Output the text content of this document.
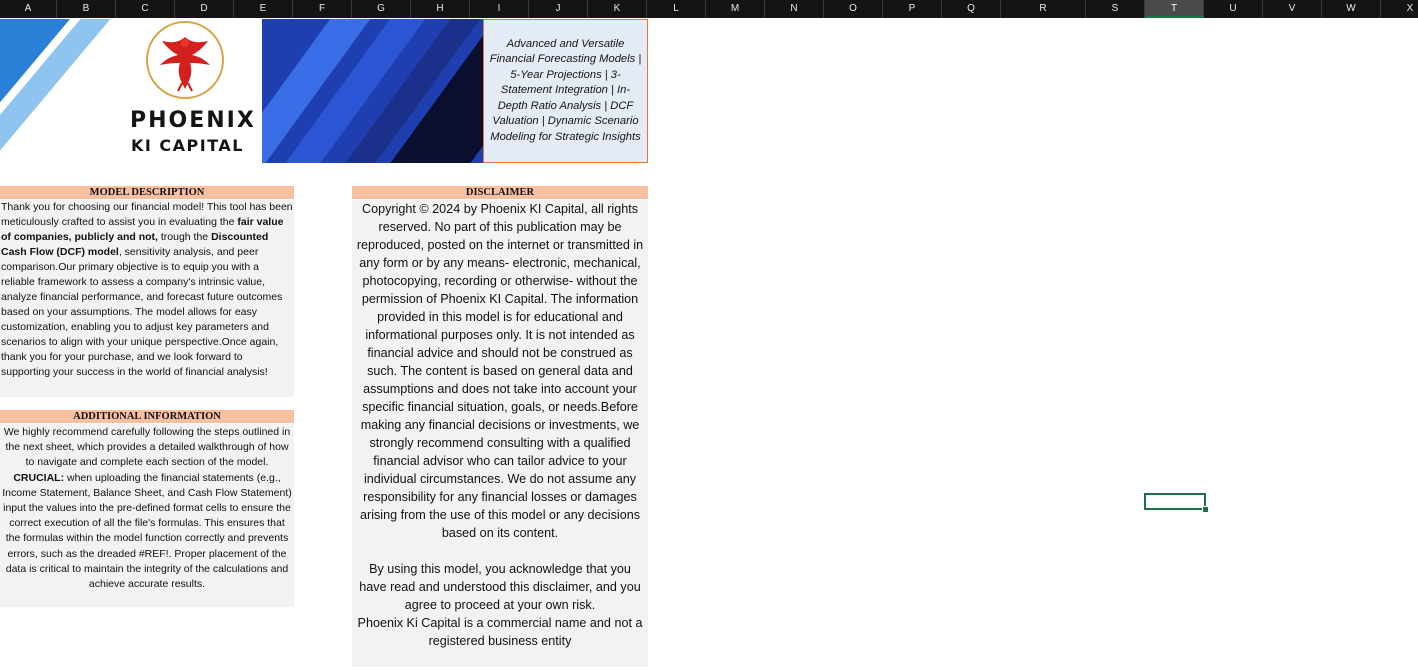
A	B	C	D	E	F	G	H	I	J	K	L	M	N	O	P	Q	R	S	T	U	V	W	X
PHOENIX
KI CAPITAL
Advanced and Versatile Financial Forecasting Models | 5-Year Projections | 3-Statement Integration | In-Depth Ratio Analysis | DCF Valuation | Dynamic Scenario Modeling for Strategic Insights
MODEL DESCRIPTION
Thank you for choosing our financial model! This tool has been meticulously crafted to assist you in evaluating the fair value of companies, publicly and not, trough the Discounted Cash Flow (DCF) model, sensitivity analysis, and peer comparison.Our primary objective is to equip you with a reliable framework to assess a company's intrinsic value, analyze financial performance, and forecast future outcomes based on your assumptions. The model allows for easy customization, enabling you to adjust key parameters and scenarios to align with your unique perspective.Once again, thank you for your purchase, and we look forward to supporting your success in the world of financial analysis!
ADDITIONAL INFORMATION
We highly recommend carefully following the steps outlined in the next sheet, which provides a detailed walkthrough of how to navigate and complete each section of the model. CRUCIAL: when uploading the financial statements (e.g., Income Statement, Balance Sheet, and Cash Flow Statement) input the values into the pre-defined format cells to ensure the correct execution of all the file's formulas. This ensures that the formulas within the model function correctly and prevents errors, such as the dreaded #REF!. Proper placement of the data is critical to maintain the integrity of the calculations and achieve accurate results.
DISCLAIMER

Copyright © 2024 by Phoenix KI Capital, all rights reserved. No part of this publication may be reproduced, posted on the internet or transmitted in any form or by any means- electronic, mechanical, photocopying, recording or otherwise- without the permission of Phoenix KI Capital. The information provided in this model is for educational and informational purposes only. It is not intended as financial advice and should not be construed as such. The content is based on general data and assumptions and does not take into account your specific financial situation, goals, or needs.Before making any financial decisions or investments, we strongly recommend consulting with a qualified financial advisor who can tailor advice to your individual circumstances. We do not assume any responsibility for any financial losses or damages arising from the use of this model or any decisions based on its content.

By using this model, you acknowledge that you have read and understood this disclaimer, and you agree to proceed at your own risk.

Phoenix Ki Capital is a commercial name and not a registered business entity
